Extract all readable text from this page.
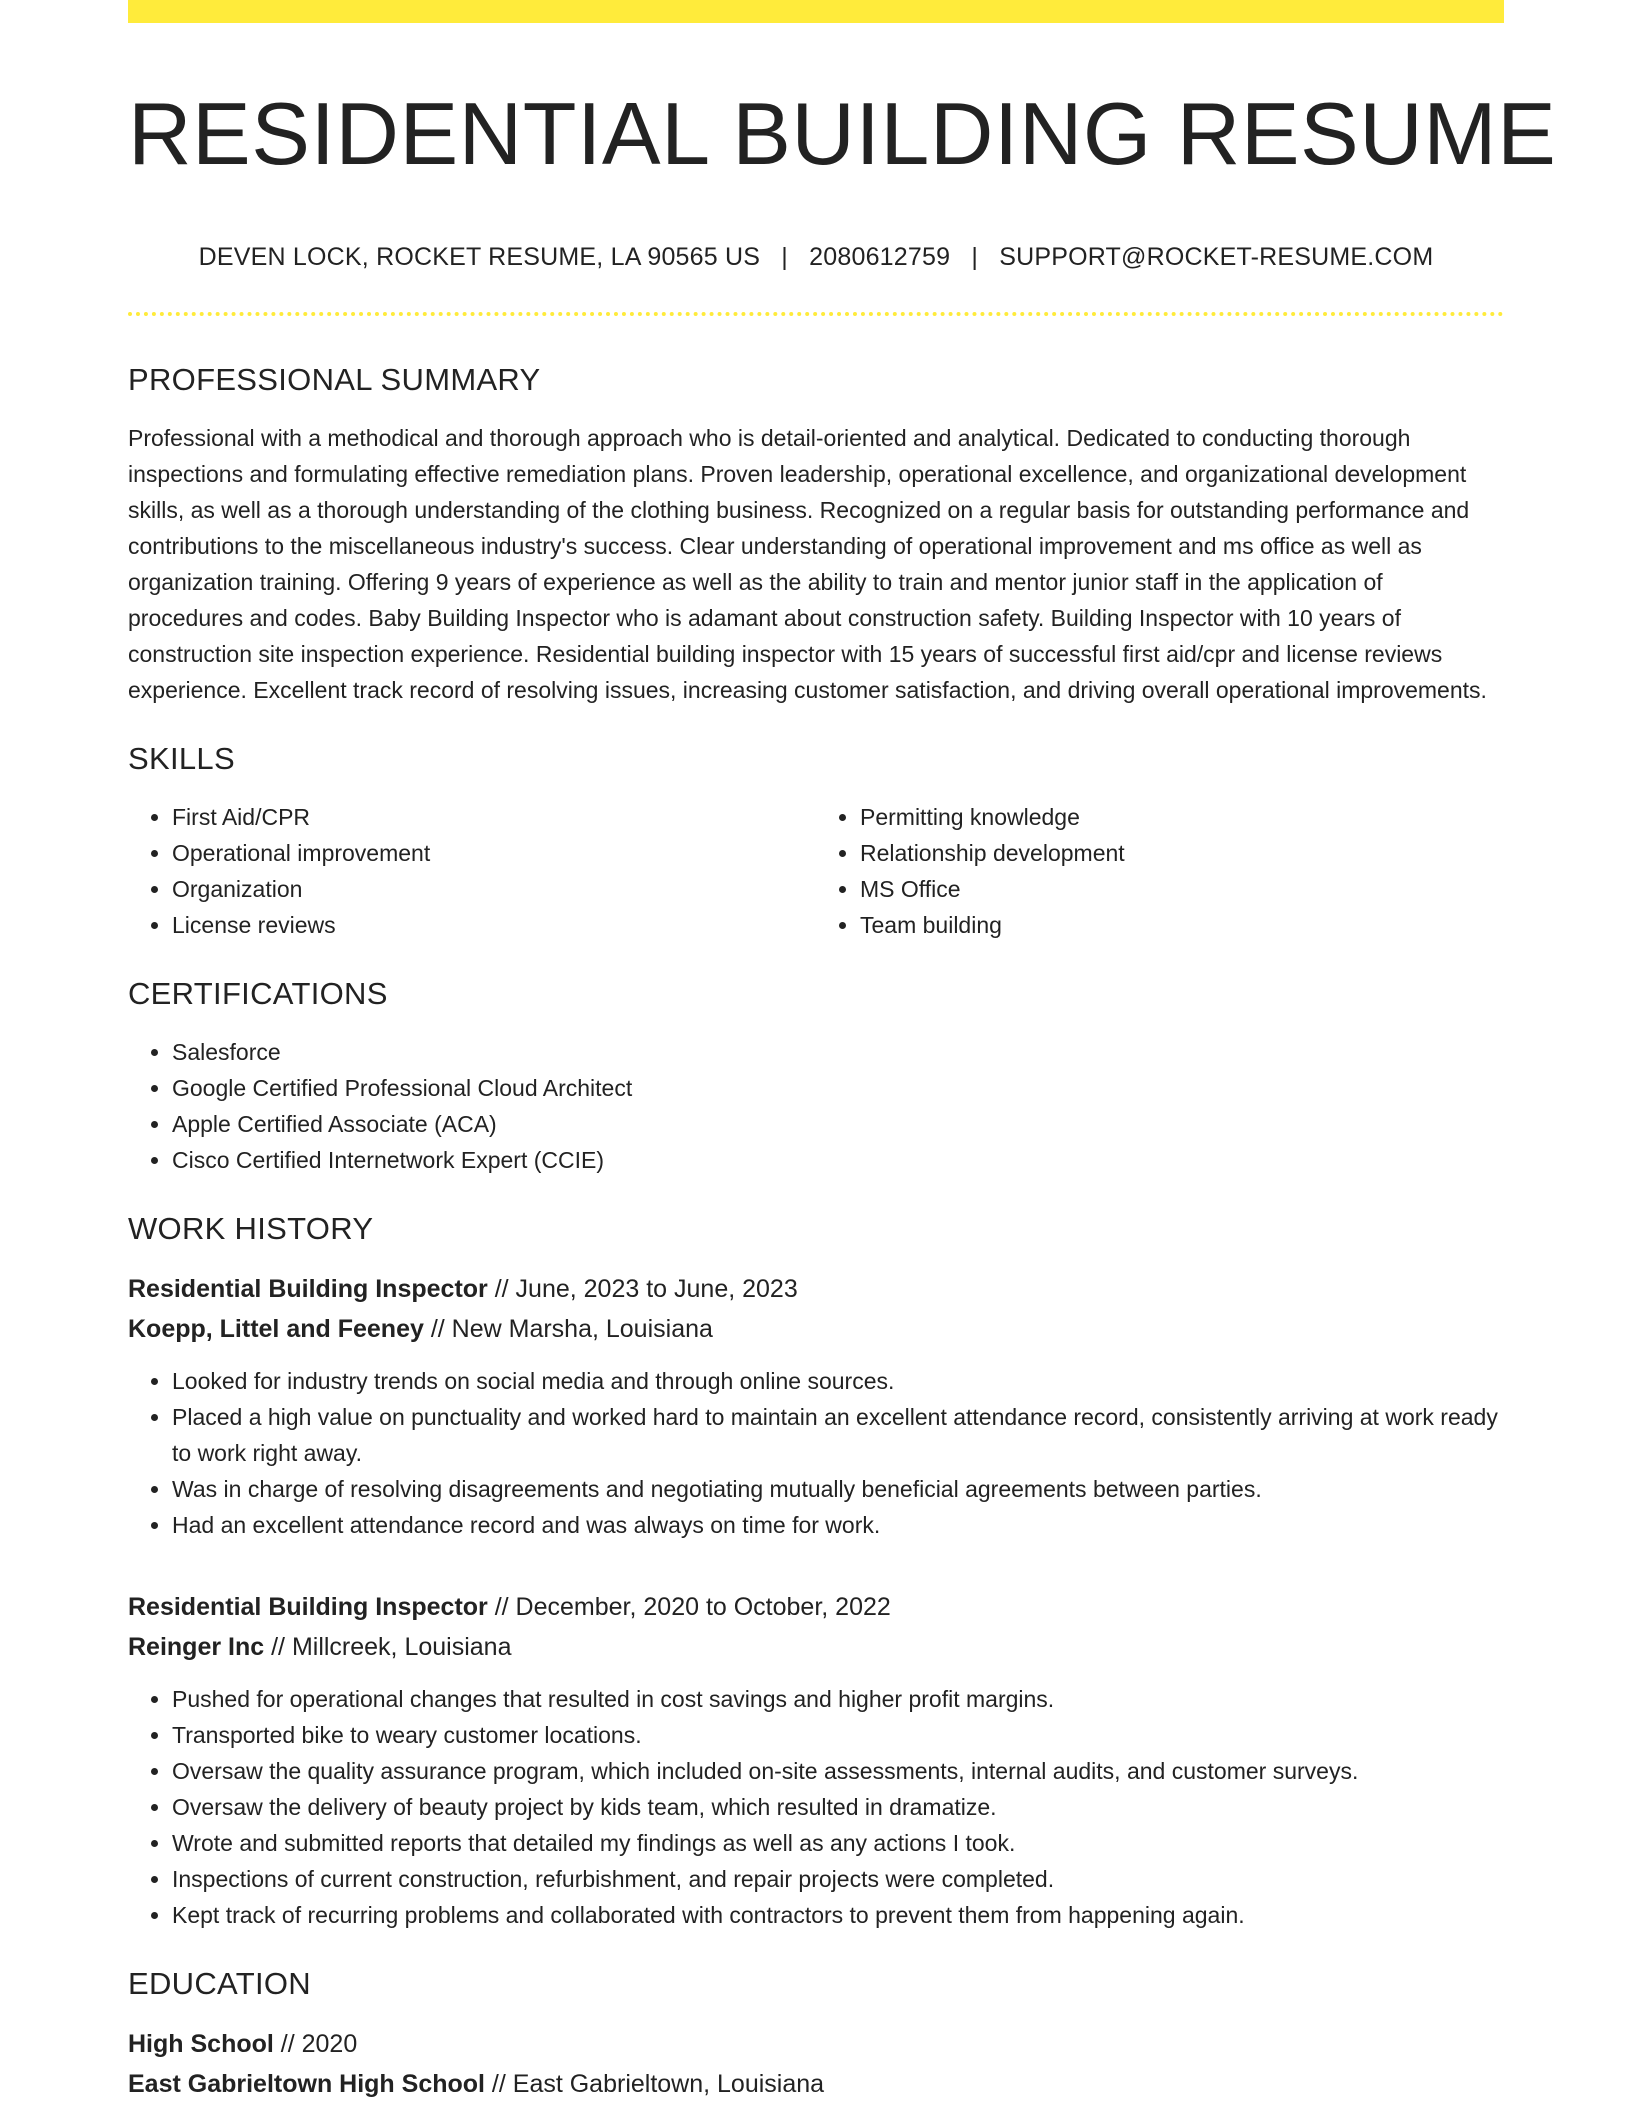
RESIDENTIAL BUILDING RESUME
DEVEN LOCK, ROCKET RESUME, LA 90565 US | 2080612759 | SUPPORT@ROCKET-RESUME.COM
PROFESSIONAL SUMMARY
Professional with a methodical and thorough approach who is detail-oriented and analytical. Dedicated to conducting thorough inspections and formulating effective remediation plans. Proven leadership, operational excellence, and organizational development skills, as well as a thorough understanding of the clothing business. Recognized on a regular basis for outstanding performance and contributions to the miscellaneous industry's success. Clear understanding of operational improvement and ms office as well as organization training. Offering 9 years of experience as well as the ability to train and mentor junior staff in the application of procedures and codes. Baby Building Inspector who is adamant about construction safety. Building Inspector with 10 years of construction site inspection experience. Residential building inspector with 15 years of successful first aid/cpr and license reviews experience. Excellent track record of resolving issues, increasing customer satisfaction, and driving overall operational improvements.
SKILLS
• First Aid/CPR
• Operational improvement
• Organization
• License reviews
• Permitting knowledge
• Relationship development
• MS Office
• Team building
CERTIFICATIONS
• Salesforce
• Google Certified Professional Cloud Architect
• Apple Certified Associate (ACA)
• Cisco Certified Internetwork Expert (CCIE)
WORK HISTORY
Residential Building Inspector // June, 2023 to June, 2023
Koepp, Littel and Feeney // New Marsha, Louisiana
• Looked for industry trends on social media and through online sources.
• Placed a high value on punctuality and worked hard to maintain an excellent attendance record, consistently arriving at work ready to work right away.
• Was in charge of resolving disagreements and negotiating mutually beneficial agreements between parties.
• Had an excellent attendance record and was always on time for work.
Residential Building Inspector // December, 2020 to October, 2022
Reinger Inc // Millcreek, Louisiana
• Pushed for operational changes that resulted in cost savings and higher profit margins.
• Transported bike to weary customer locations.
• Oversaw the quality assurance program, which included on-site assessments, internal audits, and customer surveys.
• Oversaw the delivery of beauty project by kids team, which resulted in dramatize.
• Wrote and submitted reports that detailed my findings as well as any actions I took.
• Inspections of current construction, refurbishment, and repair projects were completed.
• Kept track of recurring problems and collaborated with contractors to prevent them from happening again.
EDUCATION
High School // 2020
East Gabrieltown High School // East Gabrieltown, Louisiana
